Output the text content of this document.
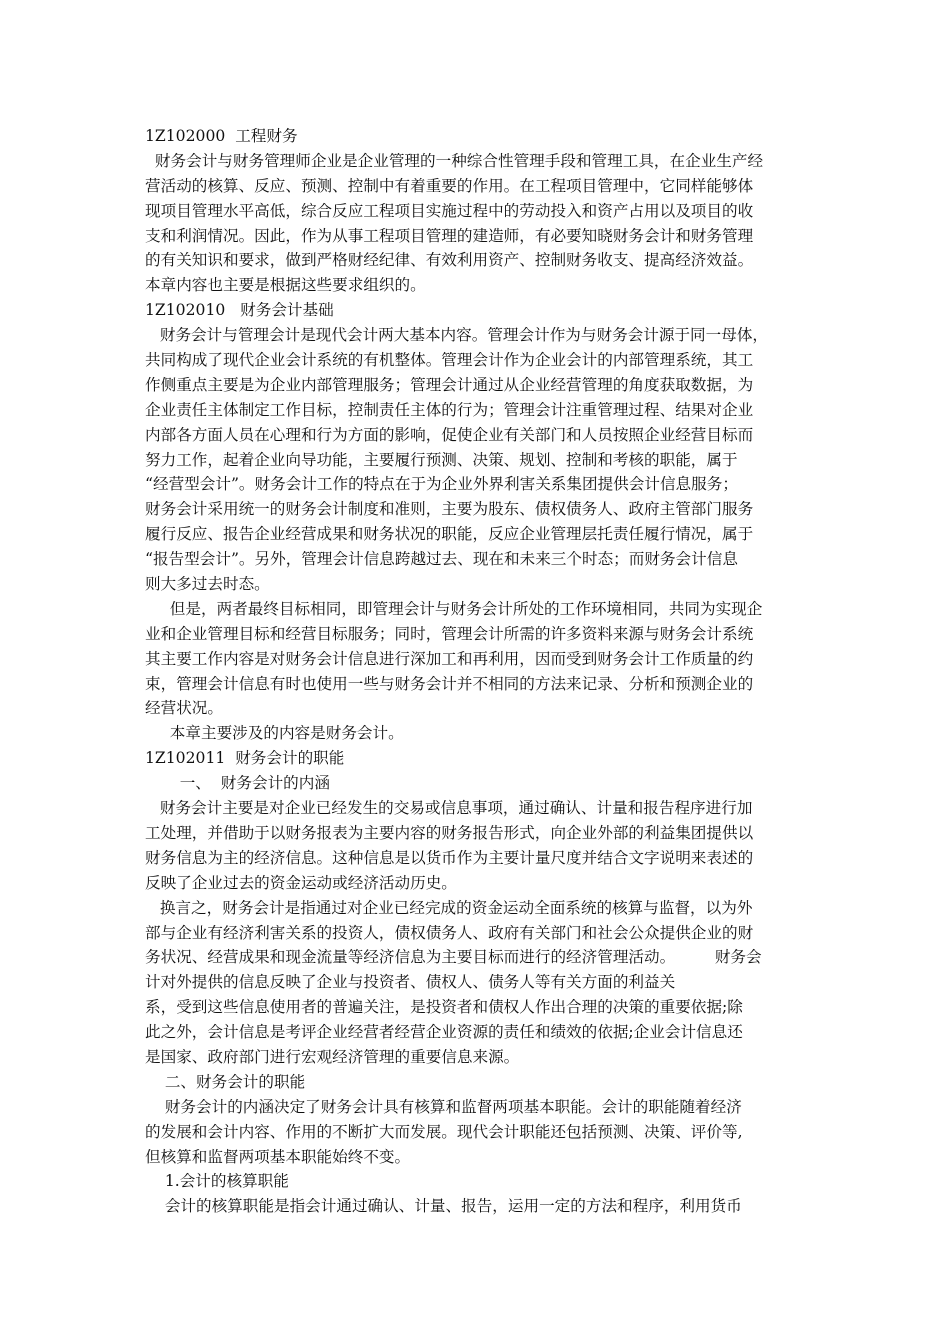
1Z102000  工程财务
财务会计与财务管理师企业是企业管理的一种综合性管理手段和管理工具，在企业生产经
营活动的核算、反应、预测、控制中有着重要的作用。在工程项目管理中，它同样能够体
现项目管理水平高低，综合反应工程项目实施过程中的劳动投入和资产占用以及项目的收
支和利润情况。因此，作为从事工程项目管理的建造师，有必要知晓财务会计和财务管理
的有关知识和要求，做到严格财经纪律、有效利用资产、控制财务收支、提高经济效益。
本章内容也主要是根据这些要求组织的。
1Z102010   财务会计基础
财务会计与管理会计是现代会计两大基本内容。管理会计作为与财务会计源于同一母体，
共同构成了现代企业会计系统的有机整体。管理会计作为企业会计的内部管理系统，其工
作侧重点主要是为企业内部管理服务；管理会计通过从企业经营管理的角度获取数据，为
企业责任主体制定工作目标，控制责任主体的行为；管理会计注重管理过程、结果对企业
内部各方面人员在心理和行为方面的影响，促使企业有关部门和人员按照企业经营目标而
努力工作，起着企业向导功能，主要履行预测、决策、规划、控制和考核的职能，属于
“经营型会计”。财务会计工作的特点在于为企业外界利害关系集团提供会计信息服务；
财务会计采用统一的财务会计制度和准则，主要为股东、债权债务人、政府主管部门服务
履行反应、报告企业经营成果和财务状况的职能，反应企业管理层托责任履行情况，属于
“报告型会计”。另外，管理会计信息跨越过去、现在和未来三个时态；而财务会计信息
则大多过去时态。
但是，两者最终目标相同，即管理会计与财务会计所处的工作环境相同，共同为实现企
业和企业管理目标和经营目标服务；同时，管理会计所需的许多资料来源与财务会计系统
其主要工作内容是对财务会计信息进行深加工和再利用，因而受到财务会计工作质量的约
束，管理会计信息有时也使用一些与财务会计并不相同的方法来记录、分析和预测企业的
经营状况。
本章主要涉及的内容是财务会计。
1Z102011  财务会计的职能
一、  财务会计的内涵
财务会计主要是对企业已经发生的交易或信息事项，通过确认、计量和报告程序进行加
工处理，并借助于以财务报表为主要内容的财务报告形式，向企业外部的利益集团提供以
财务信息为主的经济信息。这种信息是以货币作为主要计量尺度并结合文字说明来表述的
反映了企业过去的资金运动或经济活动历史。
换言之，财务会计是指通过对企业已经完成的资金运动全面系统的核算与监督，以为外
部与企业有经济利害关系的投资人，债权债务人、政府有关部门和社会公众提供企业的财
务状况、经营成果和现金流量等经济信息为主要目标而进行的经济管理活动。        财务会
计对外提供的信息反映了企业与投资者、债权人、债务人等有关方面的利益关
系，受到这些信息使用者的普遍关注，是投资者和债权人作出合理的决策的重要依据;除
此之外，会计信息是考评企业经营者经营企业资源的责任和绩效的依据;企业会计信息还
是国家、政府部门进行宏观经济管理的重要信息来源。
二、财务会计的职能
财务会计的内涵决定了财务会计具有核算和监督两项基本职能。会计的职能随着经济
的发展和会计内容、作用的不断扩大而发展。现代会计职能还包括预测、决策、评价等,
但核算和监督两项基本职能始终不变。
1.会计的核算职能
会计的核算职能是指会计通过确认、计量、报告，运用一定的方法和程序，利用货币
